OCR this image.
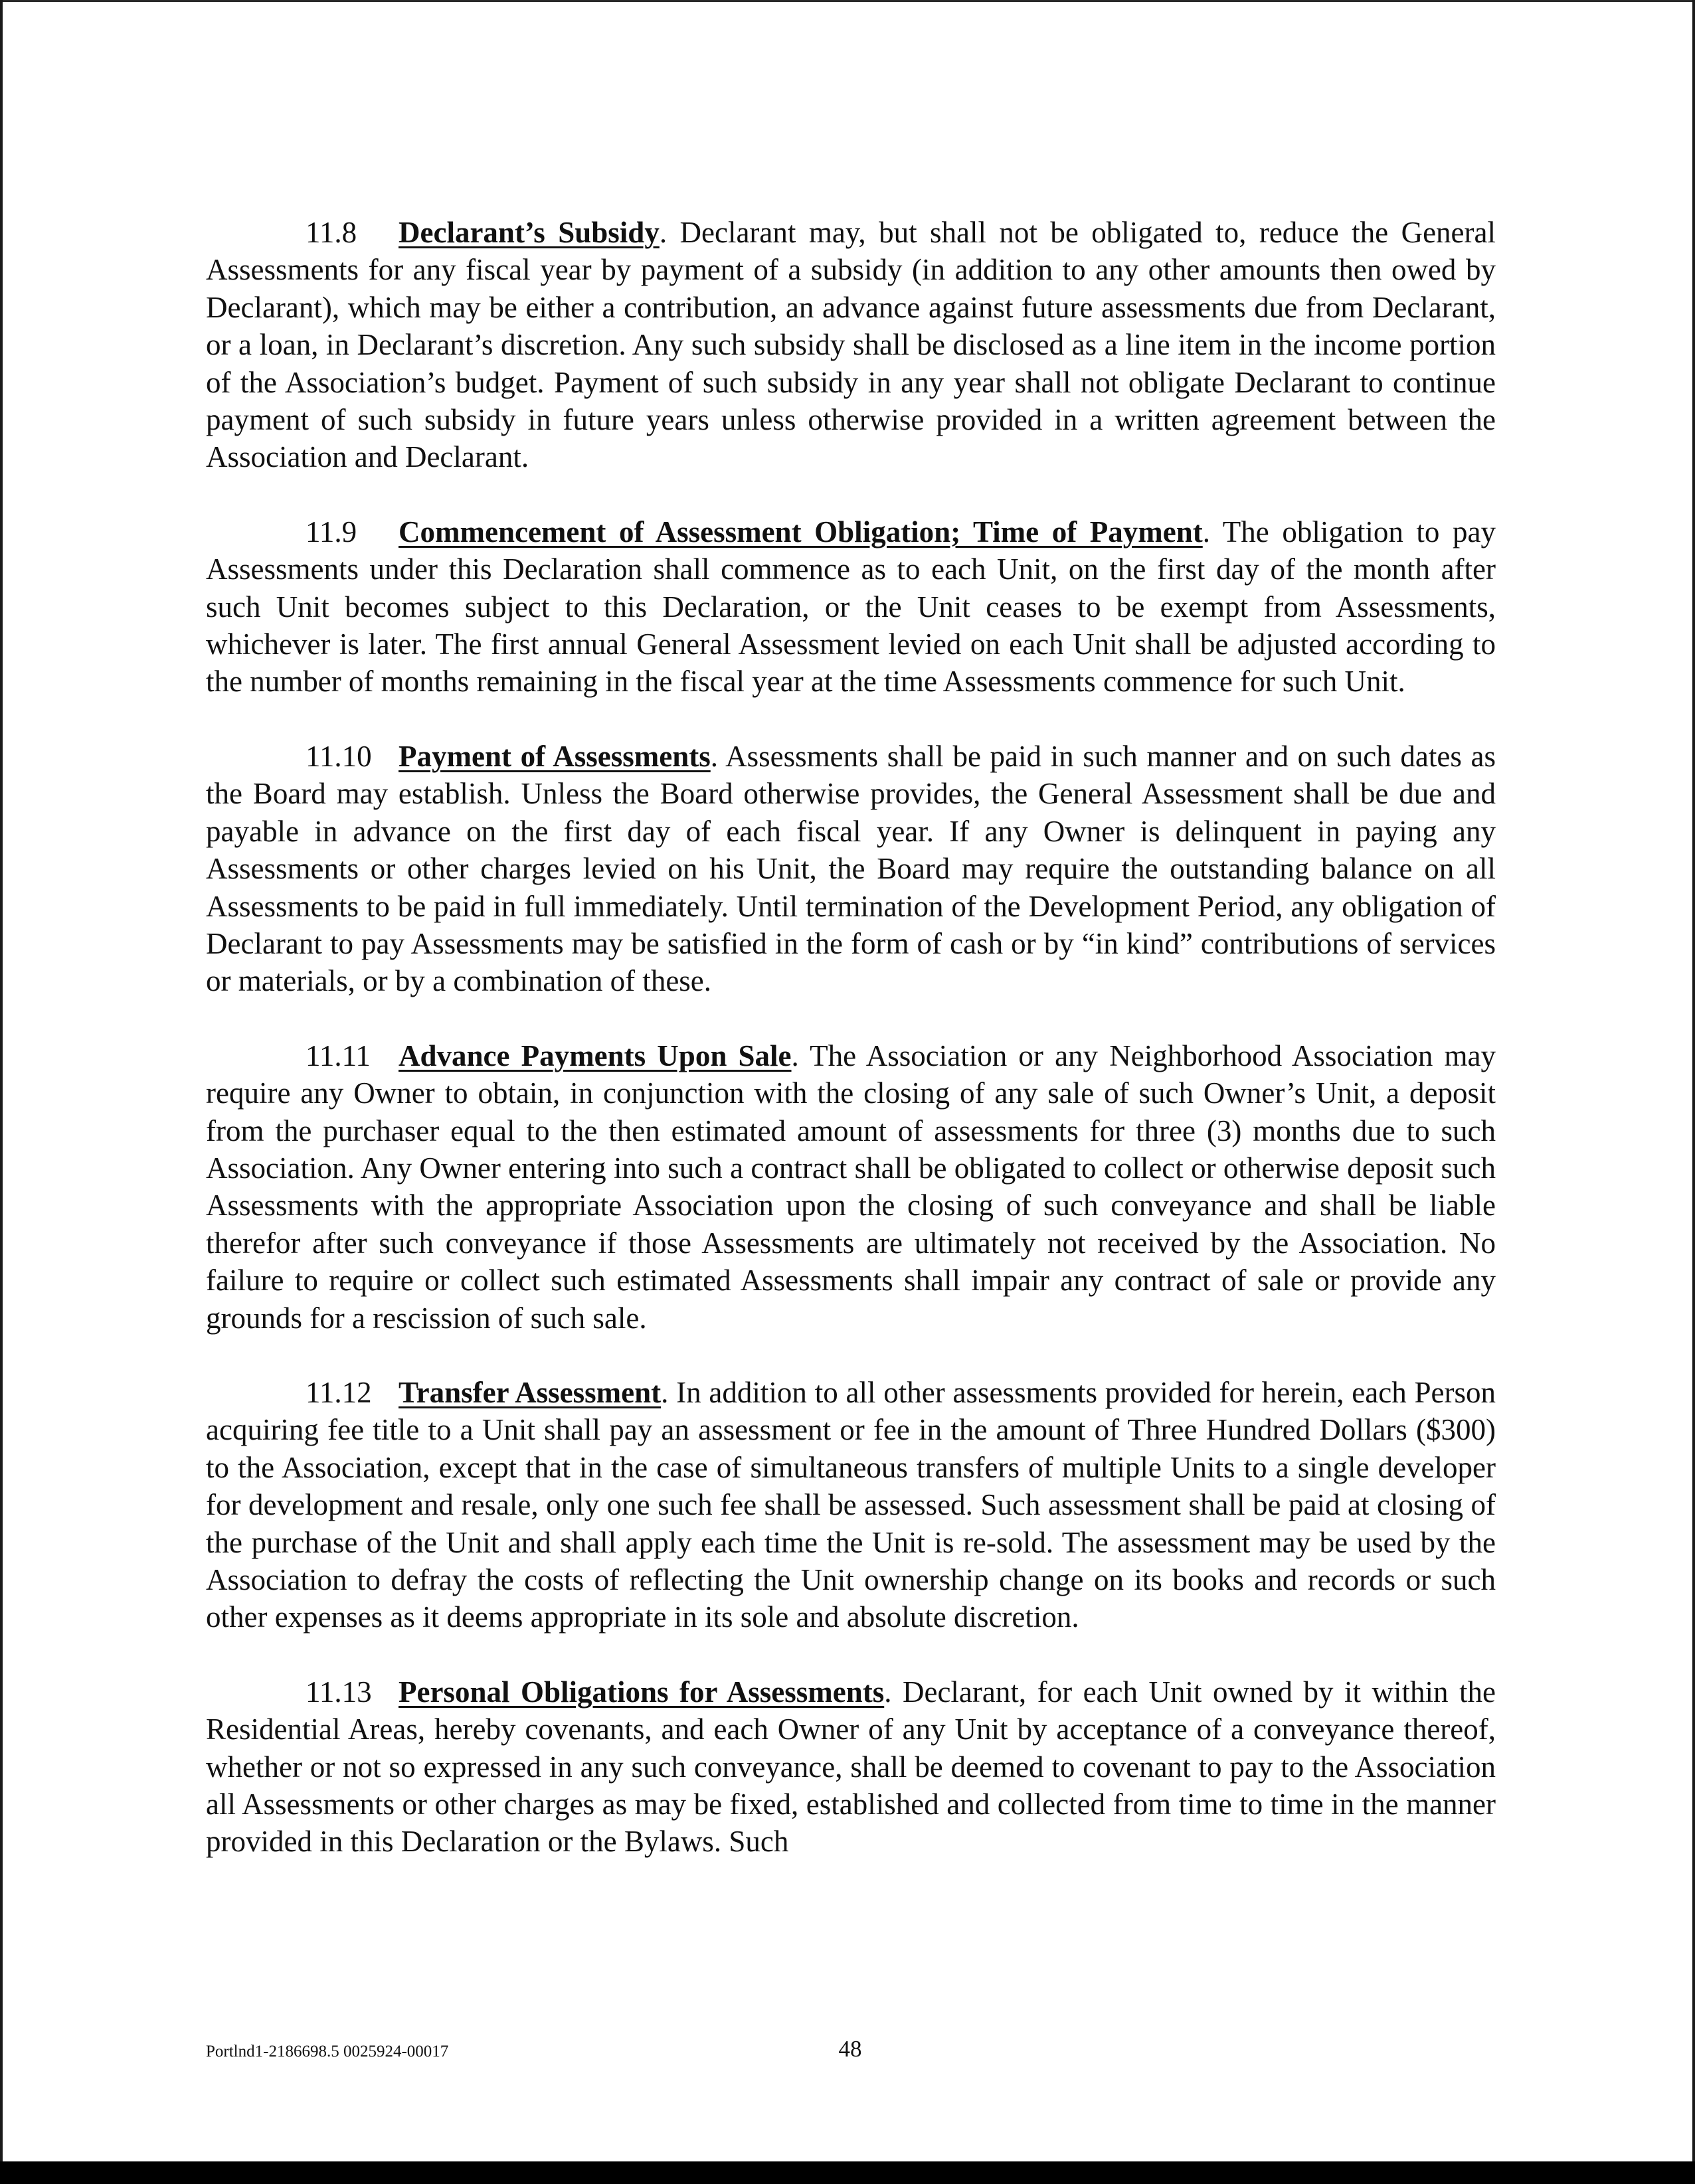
11.8 Declarant’s Subsidy. Declarant may, but shall not be obligated to, reduce the General Assessments for any fiscal year by payment of a subsidy (in addition to any other amounts then owed by Declarant), which may be either a contribution, an advance against future assessments due from Declarant, or a loan, in Declarant’s discretion. Any such subsidy shall be disclosed as a line item in the income portion of the Association’s budget. Payment of such subsidy in any year shall not obligate Declarant to continue payment of such subsidy in future years unless otherwise provided in a written agreement between the Association and Declarant.

11.9 Commencement of Assessment Obligation; Time of Payment. The obligation to pay Assessments under this Declaration shall commence as to each Unit, on the first day of the month after such Unit becomes subject to this Declaration, or the Unit ceases to be exempt from Assessments, whichever is later. The first annual General Assessment levied on each Unit shall be adjusted according to the number of months remaining in the fiscal year at the time Assessments commence for such Unit.

11.10 Payment of Assessments. Assessments shall be paid in such manner and on such dates as the Board may establish. Unless the Board otherwise provides, the General Assessment shall be due and payable in advance on the first day of each fiscal year. If any Owner is delinquent in paying any Assessments or other charges levied on his Unit, the Board may require the outstanding balance on all Assessments to be paid in full immediately. Until termination of the Development Period, any obligation of Declarant to pay Assessments may be satisfied in the form of cash or by “in kind” contributions of services or materials, or by a combination of these.

11.11 Advance Payments Upon Sale. The Association or any Neighborhood Association may require any Owner to obtain, in conjunction with the closing of any sale of such Owner’s Unit, a deposit from the purchaser equal to the then estimated amount of assessments for three (3) months due to such Association. Any Owner entering into such a contract shall be obligated to collect or otherwise deposit such Assessments with the appropriate Association upon the closing of such conveyance and shall be liable therefor after such conveyance if those Assessments are ultimately not received by the Association. No failure to require or collect such estimated Assessments shall impair any contract of sale or provide any grounds for a rescission of such sale.

11.12 Transfer Assessment. In addition to all other assessments provided for herein, each Person acquiring fee title to a Unit shall pay an assessment or fee in the amount of Three Hundred Dollars ($300) to the Association, except that in the case of simultaneous transfers of multiple Units to a single developer for development and resale, only one such fee shall be assessed. Such assessment shall be paid at closing of the purchase of the Unit and shall apply each time the Unit is re-sold. The assessment may be used by the Association to defray the costs of reflecting the Unit ownership change on its books and records or such other expenses as it deems appropriate in its sole and absolute discretion.

11.13 Personal Obligations for Assessments. Declarant, for each Unit owned by it within the Residential Areas, hereby covenants, and each Owner of any Unit by acceptance of a conveyance thereof, whether or not so expressed in any such conveyance, shall be deemed to covenant to pay to the Association all Assessments or other charges as may be fixed, established and collected from time to time in the manner provided in this Declaration or the Bylaws. Such

Portlnd1-2186698.5 0025924-00017	48
